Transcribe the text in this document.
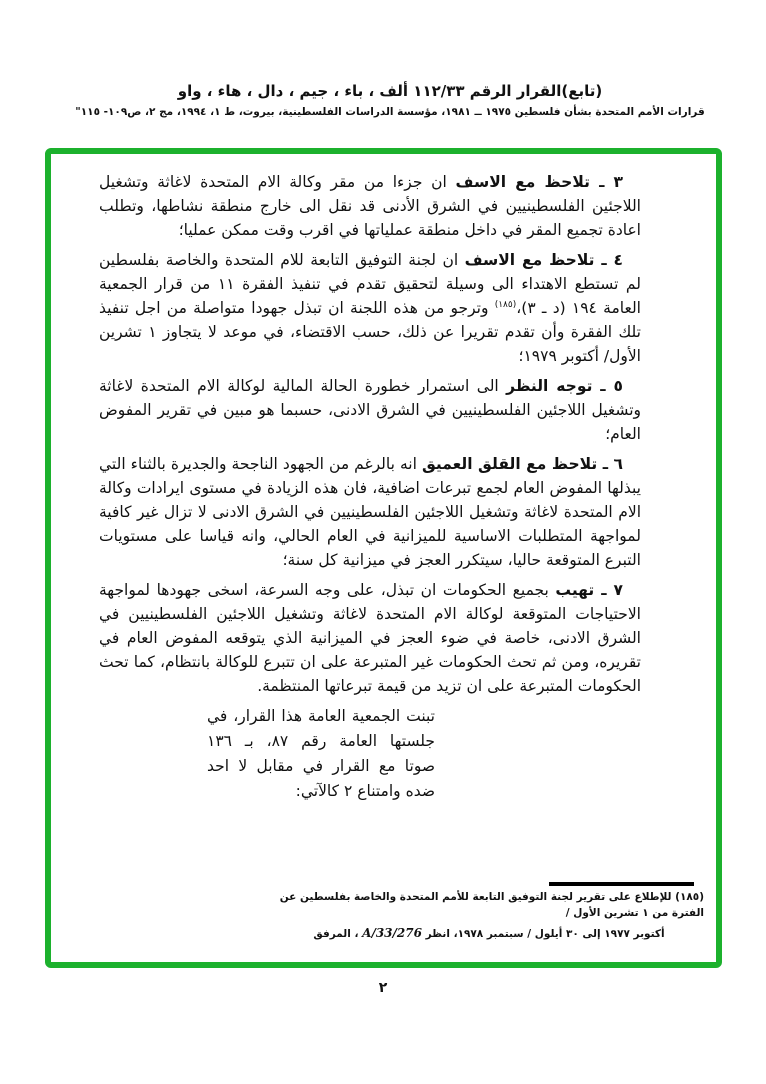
(تابع)القرار الرقم ١١٢/٣٣ ألف ، باء ، جيم ، دال ، هاء ، واو
قرارات الأمم المتحدة بشأن فلسطين ١٩٧٥ ــ ١٩٨١، مؤسسة الدراسات الفلسطينية، بيروت، ط ١، ١٩٩٤، مج ٢، ص١٠٩- ١١٥"

٣ ـ تلاحظ مع الاسف ان جزءا من مقر وكالة الام المتحدة لاغاثة وتشغيل اللاجئين الفلسطينيين في الشرق الأدنى قد نقل الى خارج منطقة نشاطها، وتطلب اعادة تجميع المقر في داخل منطقة عملياتها في اقرب وقت ممكن عمليا؛

٤ ـ تلاحظ مع الاسف ان لجنة التوفيق التابعة للام المتحدة والخاصة بفلسطين لم تستطع الاهتداء الى وسيلة لتحقيق تقدم في تنفيذ الفقرة ١١ من قرار الجمعية العامة ١٩٤ (د ـ ٣)،$^{(١٨٥)}$ وترجو من هذه اللجنة ان تبذل جهودا متواصلة من اجل تنفيذ تلك الفقرة وأن تقدم تقريرا عن ذلك، حسب الاقتضاء، في موعد لا يتجاوز ١ تشرين الأول/ أكتوبر ١٩٧٩؛

٥ ـ توجه النظر الى استمرار خطورة الحالة المالية لوكالة الام المتحدة لاغاثة وتشغيل اللاجئين الفلسطينيين في الشرق الادنى، حسبما هو مبين في تقرير المفوض العام؛

٦ ـ تلاحظ مع القلق العميق انه بالرغم من الجهود الناجحة والجديرة بالثناء التي يبذلها المفوض العام لجمع تبرعات اضافية، فان هذه الزيادة في مستوى ايرادات وكالة الام المتحدة لاغاثة وتشغيل اللاجئين الفلسطينيين في الشرق الادنى لا تزال غير كافية لمواجهة المتطلبات الاساسية للميزانية في العام الحالي، وانه قياسا على مستويات التبرع المتوقعة حاليا، سيتكرر العجز في ميزانية كل سنة؛

٧ ـ تهيب بجميع الحكومات ان تبذل، على وجه السرعة، اسخى جهودها لمواجهة الاحتياجات المتوقعة لوكالة الام المتحدة لاغاثة وتشغيل اللاجئين الفلسطينيين في الشرق الادنى، خاصة في ضوء العجز في الميزانية الذي يتوقعه المفوض العام في تقريره، ومن ثم تحث الحكومات غير المتبرعة على ان تتبرع للوكالة بانتظام، كما تحث الحكومات المتبرعة على ان تزيد من قيمة تبرعاتها المنتظمة.

تبنت الجمعية العامة هذا القرار، في
جلستها العامة رقم ٨٧، بـ ١٣٦
صوتا مع القرار في مقابل لا احد
ضده وامتناع ٢ كالآتي:
(١٨٥) للإطلاع على تقرير لجنة التوفيق التابعة للأمم المتحدة والخاصة بفلسطين عن الفترة من ١ تشرين الأول /
أكتوبر ١٩٧٧ إلى ٣٠ أيلول / سبتمبر ١٩٧٨، انظر A/33/276 ، المرفق
٢
